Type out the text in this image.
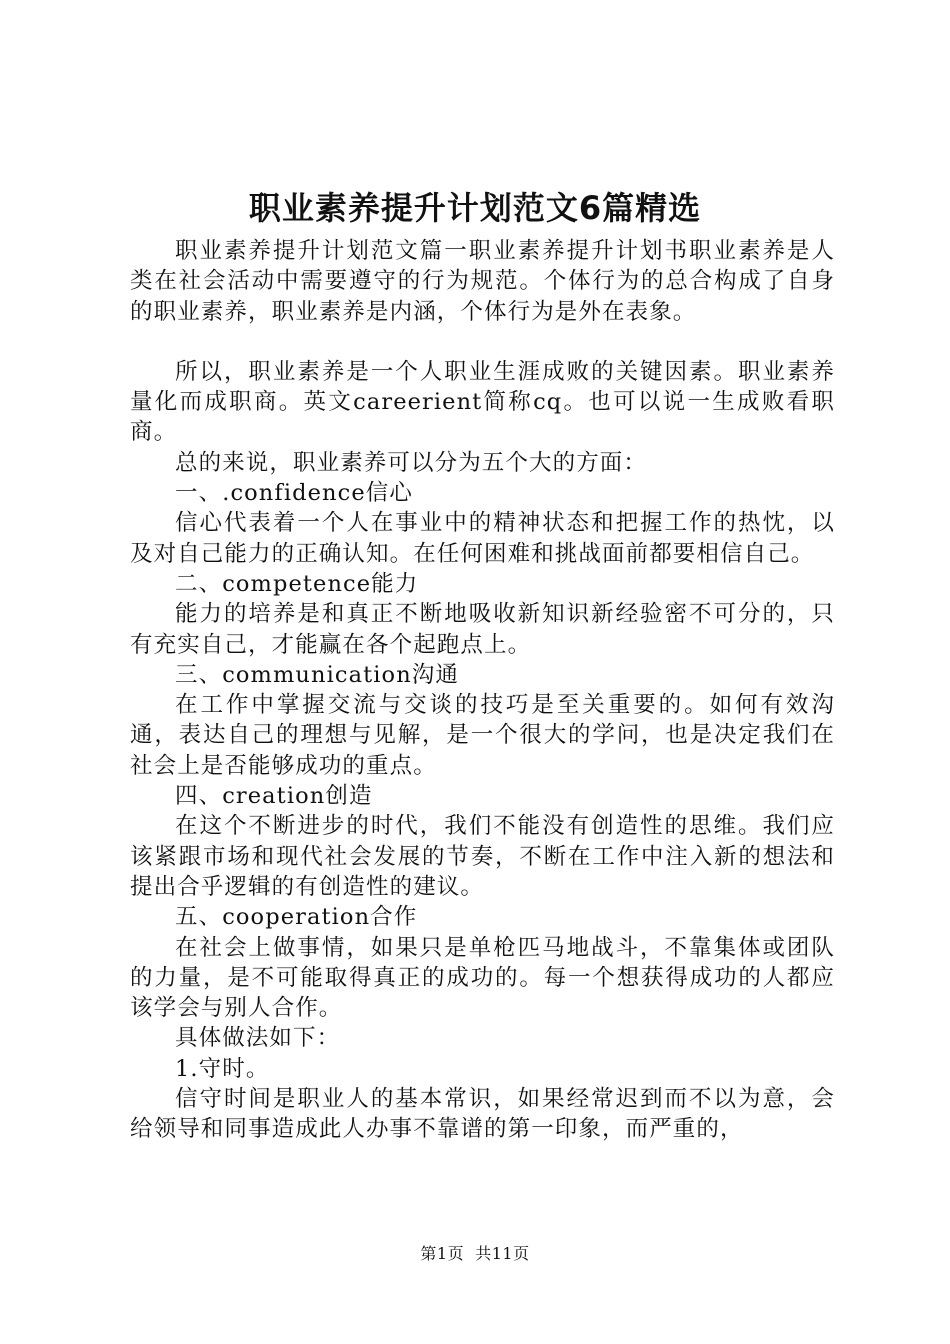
职业素养提升计划范文6篇精选

职业素养提升计划范文篇一职业素养提升计划书职业素养是人类在社会活动中需要遵守的行为规范。个体行为的总合构成了自身的职业素养，职业素养是内涵，个体行为是外在表象。

所以，职业素养是一个人职业生涯成败的关键因素。职业素养量化而成职商。英文careerient简称cq。也可以说一生成败看职商。

总的来说，职业素养可以分为五个大的方面：

一、.confidence信心

信心代表着一个人在事业中的精神状态和把握工作的热忱，以及对自己能力的正确认知。在任何困难和挑战面前都要相信自己。

二、competence能力

能力的培养是和真正不断地吸收新知识新经验密不可分的，只有充实自己，才能赢在各个起跑点上。

三、communication沟通

在工作中掌握交流与交谈的技巧是至关重要的。如何有效沟通，表达自己的理想与见解，是一个很大的学问，也是决定我们在社会上是否能够成功的重点。

四、creation创造

在这个不断进步的时代，我们不能没有创造性的思维。我们应该紧跟市场和现代社会发展的节奏，不断在工作中注入新的想法和提出合乎逻辑的有创造性的建议。

五、cooperation合作

在社会上做事情，如果只是单枪匹马地战斗，不靠集体或团队的力量，是不可能取得真正的成功的。每一个想获得成功的人都应该学会与别人合作。

具体做法如下：

1.守时。

信守时间是职业人的基本常识，如果经常迟到而不以为意，会给领导和同事造成此人办事不靠谱的第一印象，而严重的，

第1页  共11页
